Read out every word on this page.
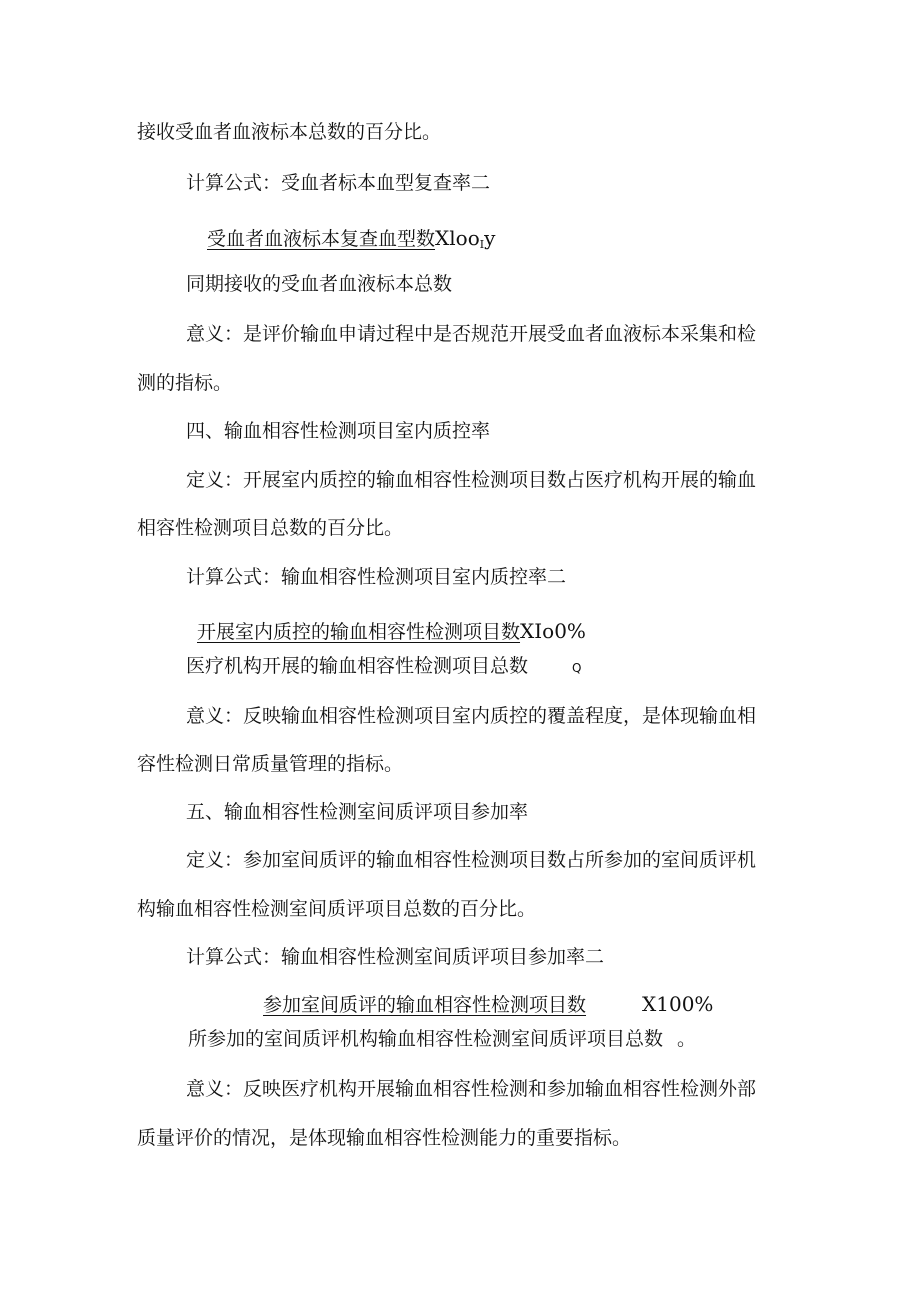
接收受血者血液标本总数的百分比。

计算公式：受血者标本血型复查率二

受血者血液标本复查血型数Xloo$_I$y

同期接收的受血者血液标本总数

意义：是评价输血申请过程中是否规范开展受血者血液标本采集和检

测的指标。

四、输血相容性检测项目室内质控率

定义：开展室内质控的输血相容性检测项目数占医疗机构开展的输血

相容性检测项目总数的百分比。

计算公式：输血相容性检测项目室内质控率二

开展室内质控的输血相容性检测项目数XIo0%

医疗机构开展的输血相容性检测项目总数	Q

意义：反映输血相容性检测项目室内质控的覆盖程度，是体现输血相

容性检测日常质量管理的指标。

五、输血相容性检测室间质评项目参加率

定义：参加室间质评的输血相容性检测项目数占所参加的室间质评机

构输血相容性检测室间质评项目总数的百分比。

计算公式：输血相容性检测室间质评项目参加率二

参加室间质评的输血相容性检测项目数	X100%

所参加的室间质评机构输血相容性检测室间质评项目总数 。

意义：反映医疗机构开展输血相容性检测和参加输血相容性检测外部

质量评价的情况，是体现输血相容性检测能力的重要指标。
